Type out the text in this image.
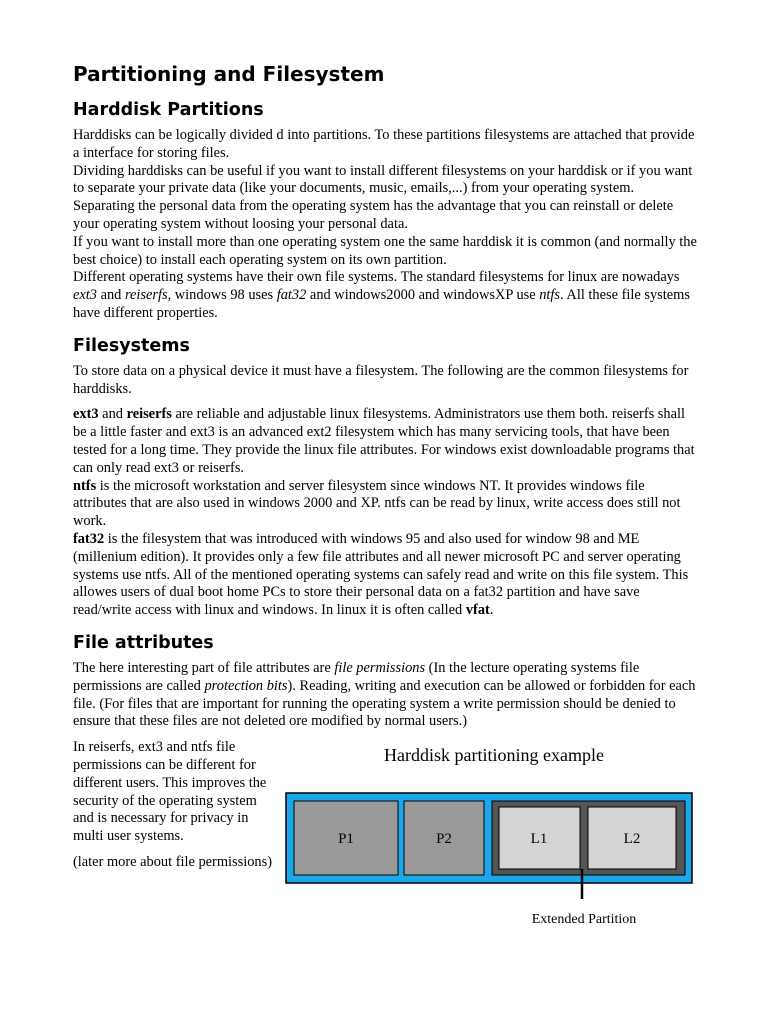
Partitioning and Filesystem
Harddisk Partitions

Harddisks can be logically divided d into partitions. To these partitions filesystems are attached that provide a interface for storing files.

Dividing harddisks can be useful if you want to install different filesystems on your harddisk or if you want to separate your private data (like your documents, music, emails,...) from your operating system.

Separating the personal data from the operating system has the advantage that you can reinstall or delete your operating system without loosing your personal data.

If you want to install more than one operating system one the same harddisk it is common (and normally the best choice) to install each operating system on its own partition.

Different operating systems have their own file systems. The standard filesystems for linux are nowadays ext3 and reiserfs, windows 98 uses fat32 and windows2000 and windowsXP use ntfs. All these file systems have different properties.

Filesystems

To store data on a physical device it must have a filesystem. The following are the common filesystems for harddisks.

ext3 and reiserfs are reliable and adjustable linux filesystems. Administrators use them both. reiserfs shall be a little faster and ext3 is an advanced ext2 filesystem which has many servicing tools, that have been tested for a long time. They provide the linux file attributes. For windows exist downloadable programs that can only read ext3 or reiserfs.

ntfs is the microsoft workstation and server filesystem since windows NT. It provides windows file attributes that are also used in windows 2000 and XP. ntfs can be read by linux, write access does still not work.

fat32 is the filesystem that was introduced with windows 95 and also used for window 98 and ME (millenium edition). It provides only a few file attributes and all newer microsoft PC and server operating systems use ntfs. All of the mentioned operating systems can safely read and write on this file system. This allowes users of dual boot home PCs to store their personal data on a fat32 partition and have save read/write access with linux and windows. In linux it is often called vfat.

File attributes

The here interesting part of file attributes are file permissions (In the lecture operating systems file permissions are called protection bits). Reading, writing and execution can be allowed or forbidden for each file. (For files that are important for running the operating system a write permission should be denied to ensure that these files are not deleted ore modified by normal users.)

In reiserfs, ext3 and ntfs file permissions can be different for different users. This improves the security of the operating system and is necessary for privacy in multi user systems.

(later more about file permissions)

Harddisk partitioning example
P1	P2	L1	L2
Extended Partition
